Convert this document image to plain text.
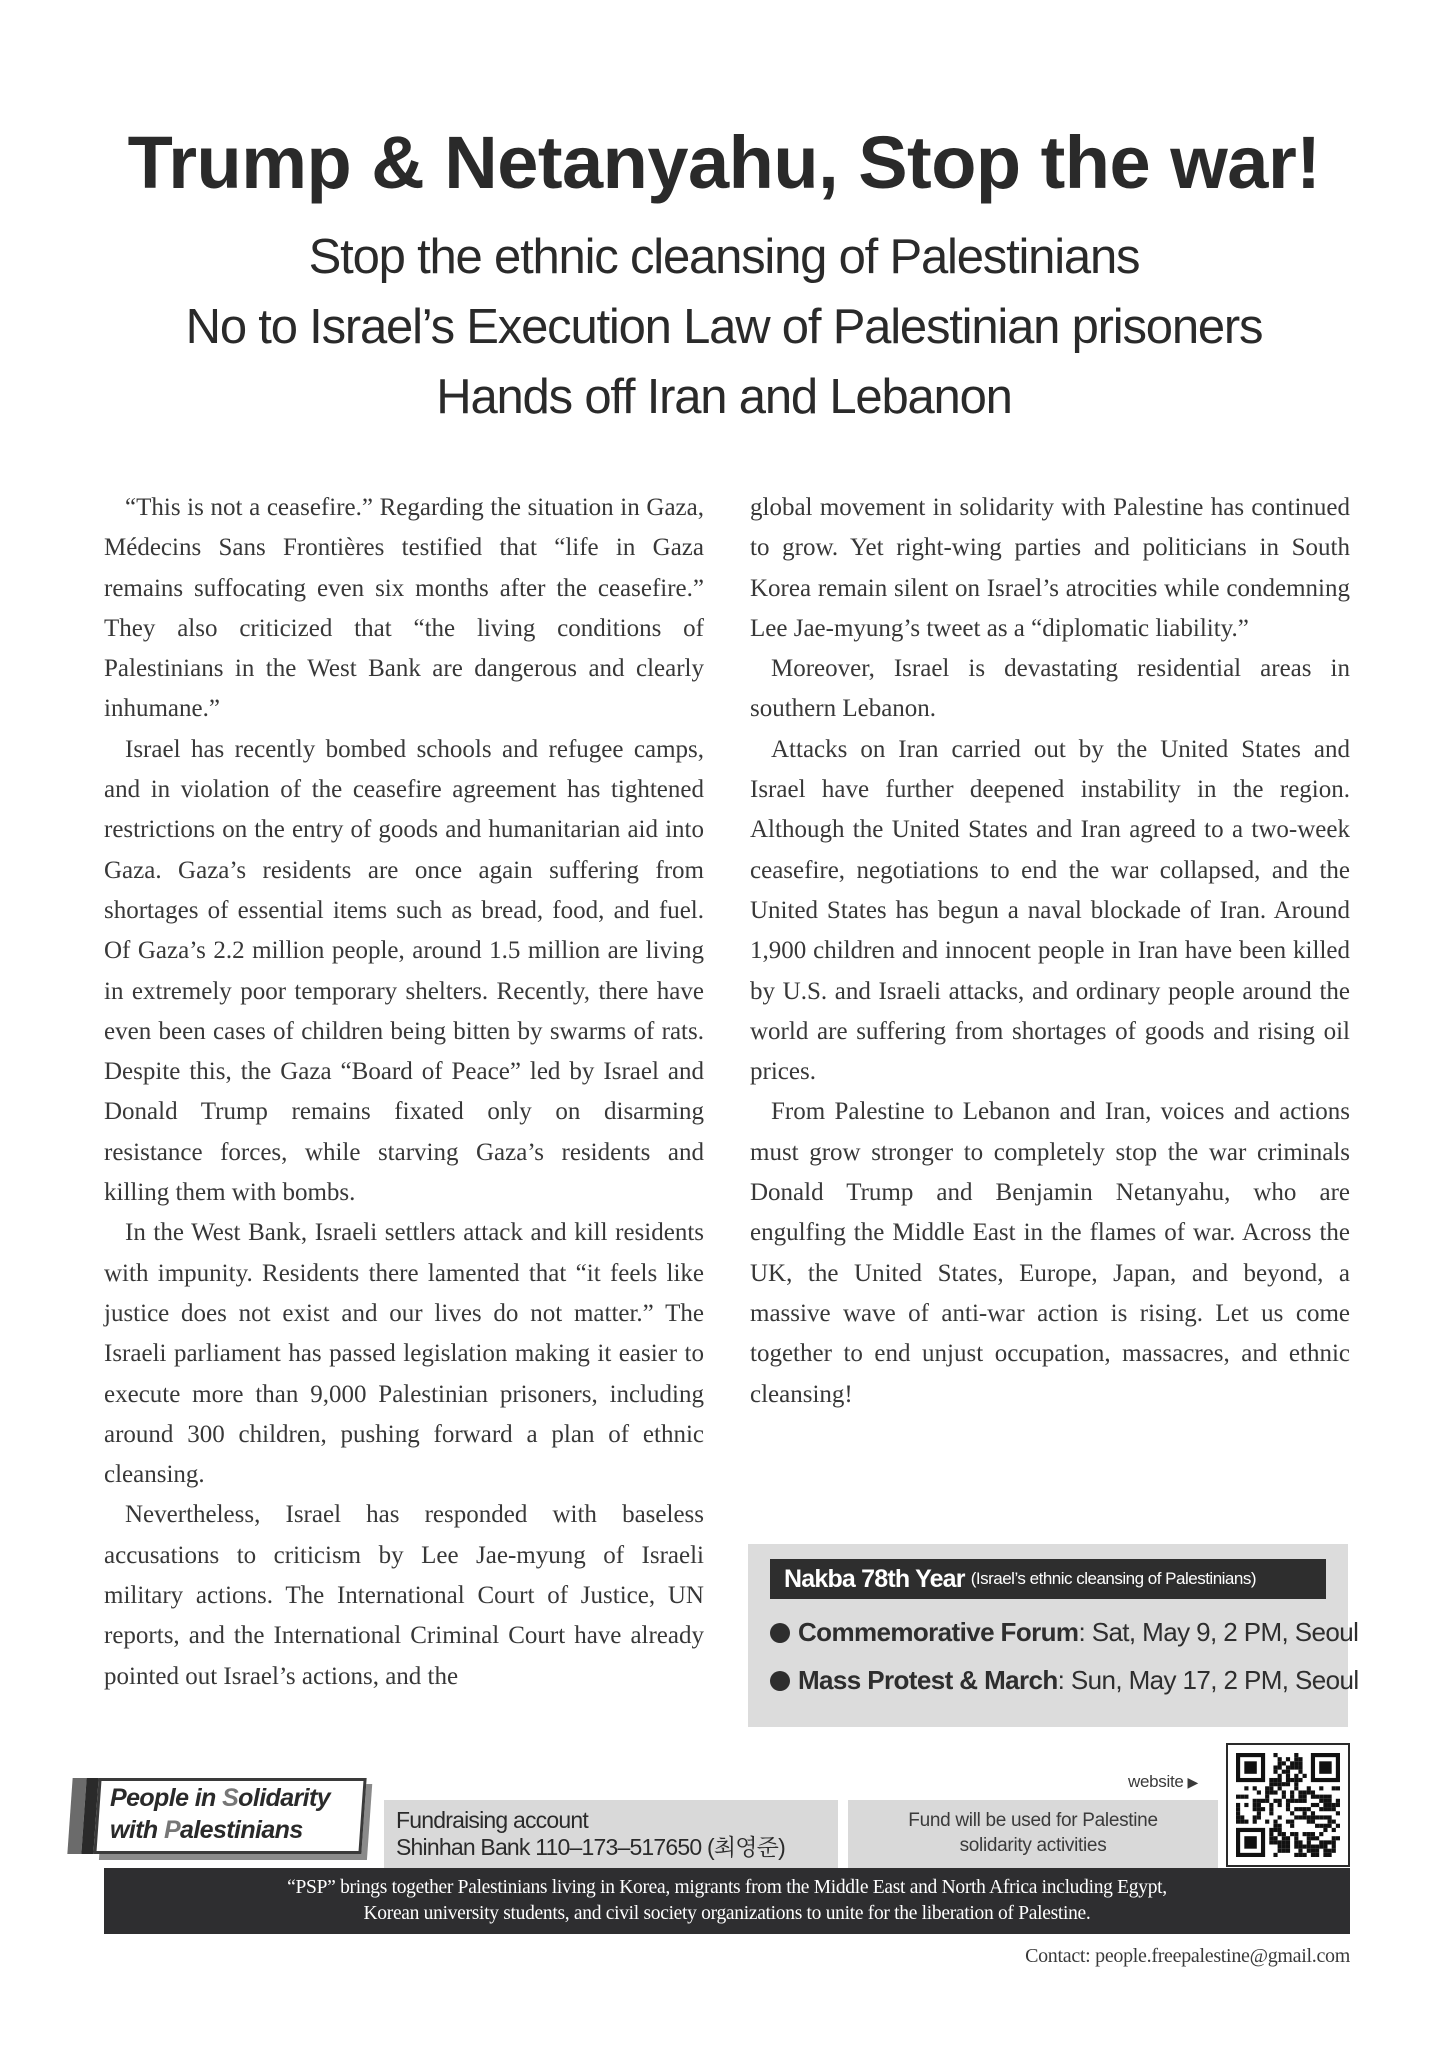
Trump & Netanyahu, Stop the war!

Stop the ethnic cleansing of Palestinians

No to Israel’s Execution Law of Palestinian prisoners

Hands off Iran and Lebanon

“This is not a ceasefire.” Regarding the situation in Gaza, Médecins Sans Frontières testified that “life in Gaza remains suffocating even six months after the ceasefire.” They also criticized that “the living conditions of Palestinians in the West Bank are dangerous and clearly inhumane.”

Israel has recently bombed schools and refugee camps, and in violation of the ceasefire agreement has tightened restrictions on the entry of goods and humanitarian aid into Gaza. Gaza’s residents are once again suffering from shortages of essential items such as bread, food, and fuel. Of Gaza’s 2.2 million people, around 1.5 million are living in extremely poor temporary shelters. Recently, there have even been cases of children being bitten by swarms of rats. Despite this, the Gaza “Board of Peace” led by Israel and Donald Trump remains fixated only on disarming resistance forces, while starving Gaza’s residents and killing them with bombs.

In the West Bank, Israeli settlers attack and kill residents with impunity. Residents there lamented that “it feels like justice does not exist and our lives do not matter.” The Israeli parliament has passed legislation making it easier to execute more than 9,000 Palestinian prisoners, including around 300 children, pushing forward a plan of ethnic cleansing.

Nevertheless, Israel has responded with baseless accusations to criticism by Lee Jae-myung of Israeli military actions. The International Court of Justice, UN reports, and the International Criminal Court have already pointed out Israel’s actions, and the

global movement in solidarity with Palestine has continued to grow. Yet right-wing parties and politicians in South Korea remain silent on Israel’s atrocities while condemning Lee Jae-myung’s tweet as a “diplomatic liability.”

Moreover, Israel is devastating residential areas in southern Lebanon.

Attacks on Iran carried out by the United States and Israel have further deepened instability in the region. Although the United States and Iran agreed to a two-week ceasefire, negotiations to end the war collapsed, and the United States has begun a naval blockade of Iran. Around 1,900 children and innocent people in Iran have been killed by U.S. and Israeli attacks, and ordinary people around the world are suffering from shortages of goods and rising oil prices.

From Palestine to Lebanon and Iran, voices and actions must grow stronger to completely stop the war criminals Donald Trump and Benjamin Netanyahu, who are engulfing the Middle East in the flames of war. Across the UK, the United States, Europe, Japan, and beyond, a massive wave of anti-war action is rising. Let us come together to end unjust occupation, massacres, and ethnic cleansing!

Nakba 78th Year (Israel’s ethnic cleansing of Palestinians)
Commemorative Forum : Sat, May 9, 2 PM, Seoul
Mass Protest & March : Sun, May 17, 2 PM, Seoul
People in Solidarity
with Palestinians	Fundraising account
Shinhan Bank 110–173–517650 (최영준)
Fund will be used for Palestine
solidarity activities
website ▶
“PSP” brings together Palestinians living in Korea, migrants from the Middle East and North Africa including Egypt,
Korean university students, and civil society organizations to unite for the liberation of Palestine.
Contact: people.freepalestine@gmail.com
